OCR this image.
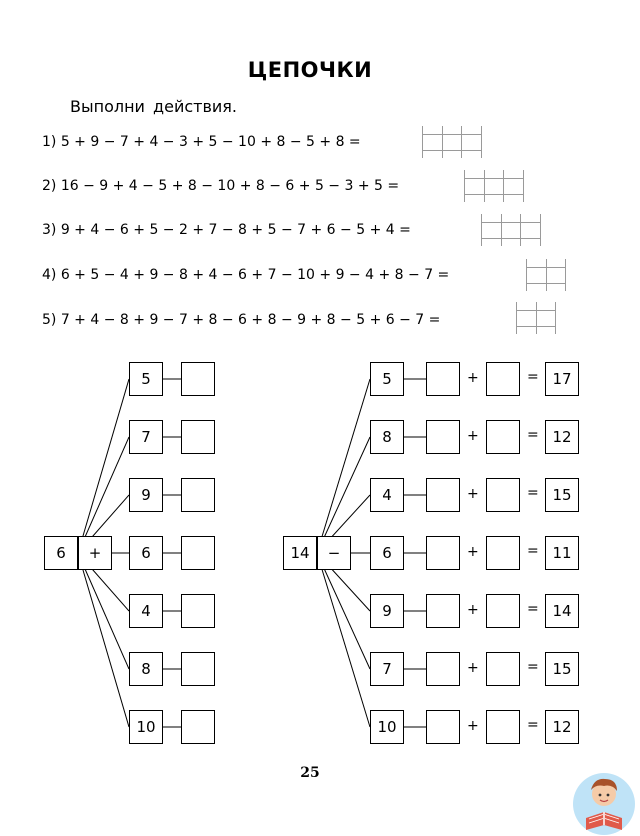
ЦЕПОЧКИ
Выполни действия.
1) 5 + 9 − 7 + 4 − 3 + 5 − 10 + 8 − 5 + 8 =
2) 16 − 9 + 4 − 5 + 8 − 10 + 8 − 6 + 5 − 3 + 5 =
3) 9 + 4 − 6 + 5 − 2 + 7 − 8 + 5 − 7 + 6 − 5 + 4 =
4) 6 + 5 − 4 + 9 − 8 + 4 − 6 + 7 − 10 + 9 − 4 + 8 − 7 =
5) 7 + 4 − 8 + 9 − 7 + 8 − 6 + 8 − 9 + 8 − 5 + 6 − 7 =
6	+
5
7
9
6
4
8
10
14	−
5	+	= 17
8	+	= 12
4	+	= 15
6	+	= 11
9	+	= 14
7	+	= 15
10	+	= 12
25
